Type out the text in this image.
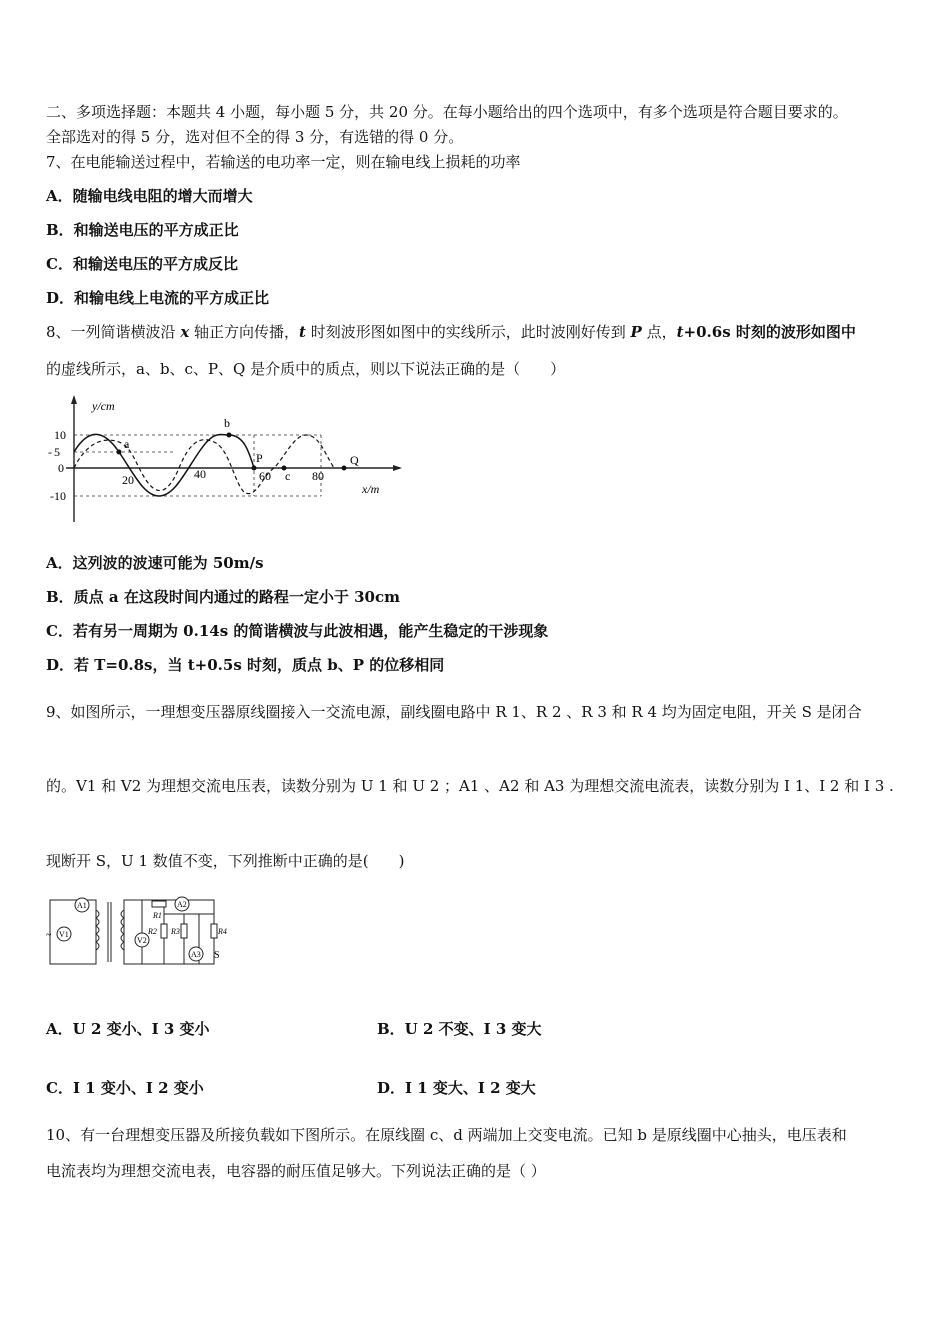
二、多项选择题：本题共 4 小题，每小题 5 分，共 20 分。在每小题给出的四个选项中，有多个选项是符合题目要求的。
全部选对的得 5 分，选对但不全的得 3 分，有选错的得 0 分。
7、在电能输送过程中，若输送的电功率一定，则在输电线上损耗的功率
A．随输电线电阻的增大而增大
B．和输送电压的平方成正比
C．和输送电压的平方成反比
D．和输电线上电流的平方成正比
8、一列简谐横波沿 x 轴正方向传播，t 时刻波形图如图中的实线所示，此时波刚好传到 P 点，t+0.6s 时刻的波形如图中
的虚线所示，a、b、c、P、Q 是介质中的质点，则以下说法正确的是（　　）
y/cm
x/m
10
5
-
0
-10
20	40	60	80
a
b
P
c
Q
A．这列波的波速可能为 50m/s
B．质点 a 在这段时间内通过的路程一定小于 30cm
C．若有另一周期为 0.14s 的简谐横波与此波相遇，能产生稳定的干涉现象
D．若 T=0.8s，当 t+0.5s 时刻，质点 b、P 的位移相同
9、如图所示，一理想变压器原线圈接入一交流电源，副线圈电路中 R 1、R 2 、R 3 和 R 4 均为固定电阻，开关 S 是闭合
的。V1 和 V2 为理想交流电压表，读数分别为 U 1 和 U 2 ；A1 、A2 和 A3 为理想交流电流表，读数分别为 I 1、I 2 和 I 3 .
现断开 S，U 1 数值不变，下列推断中正确的是(　　)
A1
V1
V2
A2
A3
R1
R2 R3	R4
S
~
A．U 2 变小、I 3 变小	B．U 2 不变、I 3 变大
C．I 1 变小、I 2 变小	D．I 1 变大、I 2 变大
10、有一台理想变压器及所接负载如下图所示。在原线圈 c、d 两端加上交变电流。已知 b 是原线圈中心抽头，电压表和
电流表均为理想交流电表，电容器的耐压值足够大。下列说法正确的是（ ）
